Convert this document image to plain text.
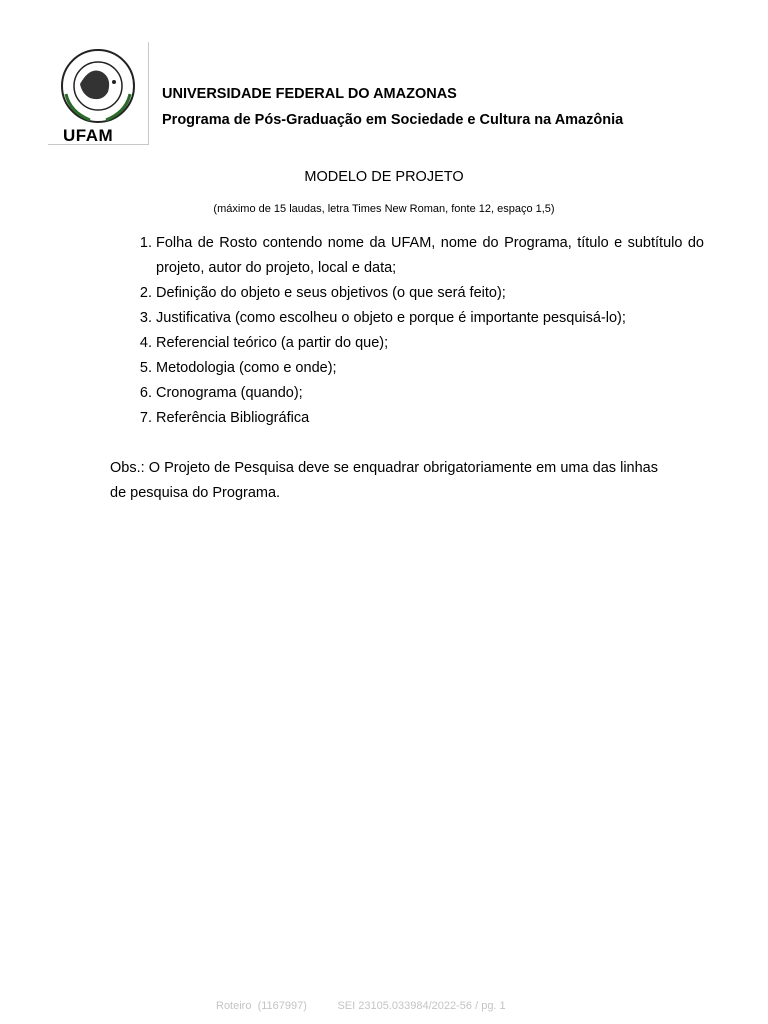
UFAM

UNIVERSIDADE FEDERAL DO AMAZONAS

Programa de Pós-Graduação em Sociedade e Cultura na Amazônia

MODELO DE PROJETO
(máximo de 15 laudas, letra Times New Roman, fonte 12, espaço 1,5)
1. Folha de Rosto contendo nome da UFAM, nome do Programa, título e subtítulo do projeto, autor do projeto, local e data;
2. Definição do objeto e seus objetivos (o que será feito);
3. Justificativa (como escolheu o objeto e porque é importante pesquisá-lo);
4. Referencial teórico (a partir do que);
5. Metodologia (como e onde);
6. Cronograma (quando);
7. Referência Bibliográfica

Obs.: O Projeto de Pesquisa deve se enquadrar obrigatoriamente em uma das linhas de pesquisa do Programa.

Roteiro  (1167997)	SEI 23105.033984/2022-56 / pg. 1
